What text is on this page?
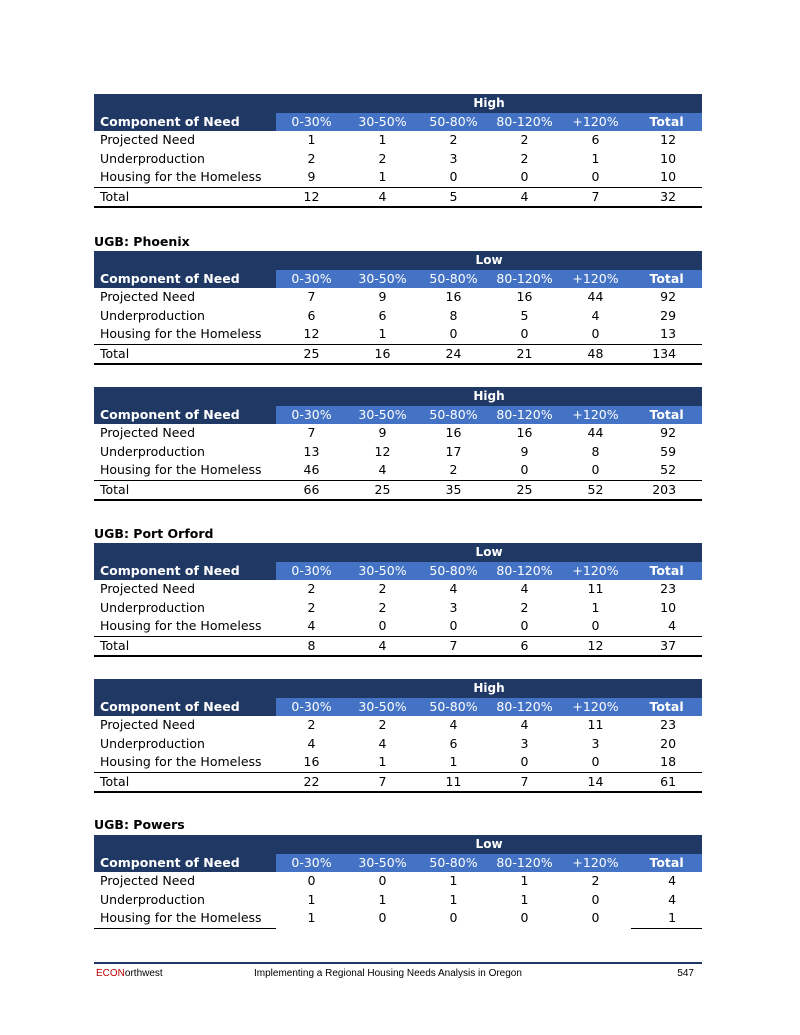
	High					
Component of Need	0-30%	30-50%	50-80%	80-120%	+120%	Total
Projected Need	1	1	2	2	6	12
Underproduction	2	2	3	2	1	10
Housing for the Homeless	9	1	0	0	0	10
Total	12	4	5	4	7	32
UGB: Phoenix
	Low					
Component of Need	0-30%	30-50%	50-80%	80-120%	+120%	Total
Projected Need	7	9	16	16	44	92
Underproduction	6	6	8	5	4	29
Housing for the Homeless	12	1	0	0	0	13
Total	25	16	24	21	48	134
	High					
Component of Need	0-30%	30-50%	50-80%	80-120%	+120%	Total
Projected Need	7	9	16	16	44	92
Underproduction	13	12	17	9	8	59
Housing for the Homeless	46	4	2	0	0	52
Total	66	25	35	25	52	203
UGB: Port Orford
	Low					
Component of Need	0-30%	30-50%	50-80%	80-120%	+120%	Total
Projected Need	2	2	4	4	11	23
Underproduction	2	2	3	2	1	10
Housing for the Homeless	4	0	0	0	0	4
Total	8	4	7	6	12	37
	High					
Component of Need	0-30%	30-50%	50-80%	80-120%	+120%	Total
Projected Need	2	2	4	4	11	23
Underproduction	4	4	6	3	3	20
Housing for the Homeless	16	1	1	0	0	18
Total	22	7	11	7	14	61
UGB: Powers
	Low					
Component of Need	0-30%	30-50%	50-80%	80-120%	+120%	Total
Projected Need	0	0	1	1	2	4
Underproduction	1	1	1	1	0	4
Housing for the Homeless	1	0	0	0	0	1
ECONorthwest	Implementing a Regional Housing Needs Analysis in Oregon	547
